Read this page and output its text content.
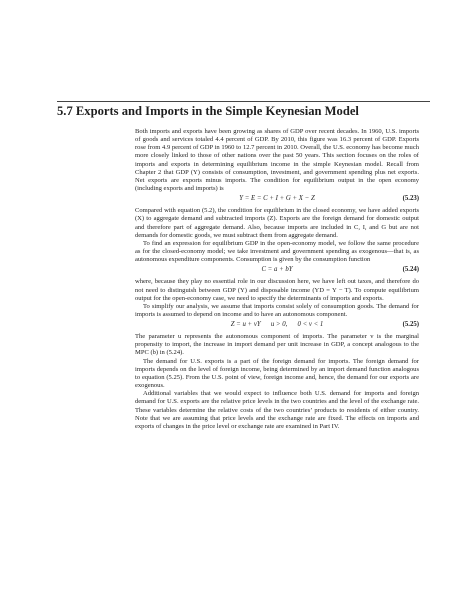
5.7 Exports and Imports in the Simple Keynesian Model

Both imports and exports have been growing as shares of GDP over recent decades. In 1960, U.S. imports of goods and services totaled 4.4 percent of GDP. By 2010, this figure was 16.3 percent of GDP. Exports rose from 4.9 percent of GDP in 1960 to 12.7 percent in 2010. Overall, the U.S. economy has become much more closely linked to those of other nations over the past 50 years. This section focuses on the roles of imports and exports in determining equilibrium income in the simple Keynesian model. Recall from Chapter 2 that GDP (Y) consists of consumption, investment, and government spending plus net exports. Net exports are exports minus imports. The condition for equilibrium output in the open economy (including exports and imports) is

Y = E = C + I + G + X − Z	(5.23)

Compared with equation (5.2), the condition for equilibrium in the closed economy, we have added exports (X) to aggregate demand and subtracted imports (Z). Exports are the foreign demand for domestic output and therefore part of aggregate demand. Also, because imports are included in C, I, and G but are not demands for domestic goods, we must subtract them from aggregate demand.

To find an expression for equilibrium GDP in the open-economy model, we follow the same procedure as for the closed-economy model; we take investment and government spending as exogenous—that is, as autonomous expenditure components. Consumption is given by the consumption function

C = a + bY	(5.24)

where, because they play no essential role in our discussion here, we have left out taxes, and therefore do not need to distinguish between GDP (Y) and disposable income (YD = Y − T). To compute equilibrium output for the open-economy case, we need to specify the determinants of imports and exports.

To simplify our analysis, we assume that imports consist solely of consumption goods. The demand for imports is assumed to depend on income and to have an autonomous component.

Z = u + vY      u > 0,      0 < v < 1	(5.25)

The parameter u represents the autonomous component of imports. The parameter v is the marginal propensity to import, the increase in import demand per unit increase in GDP, a concept analogous to the MPC (b) in (5.24).

The demand for U.S. exports is a part of the foreign demand for imports. The foreign demand for imports depends on the level of foreign income, being determined by an import demand function analogous to equation (5.25). From the U.S. point of view, foreign income and, hence, the demand for our exports are exogenous.

Additional variables that we would expect to influence both U.S. demand for imports and foreign demand for U.S. exports are the relative price levels in the two countries and the level of the exchange rate. These variables determine the relative costs of the two countries’ products to residents of either country. Note that we are assuming that price levels and the exchange rate are fixed. The effects on imports and exports of changes in the price level or exchange rate are examined in Part IV.
